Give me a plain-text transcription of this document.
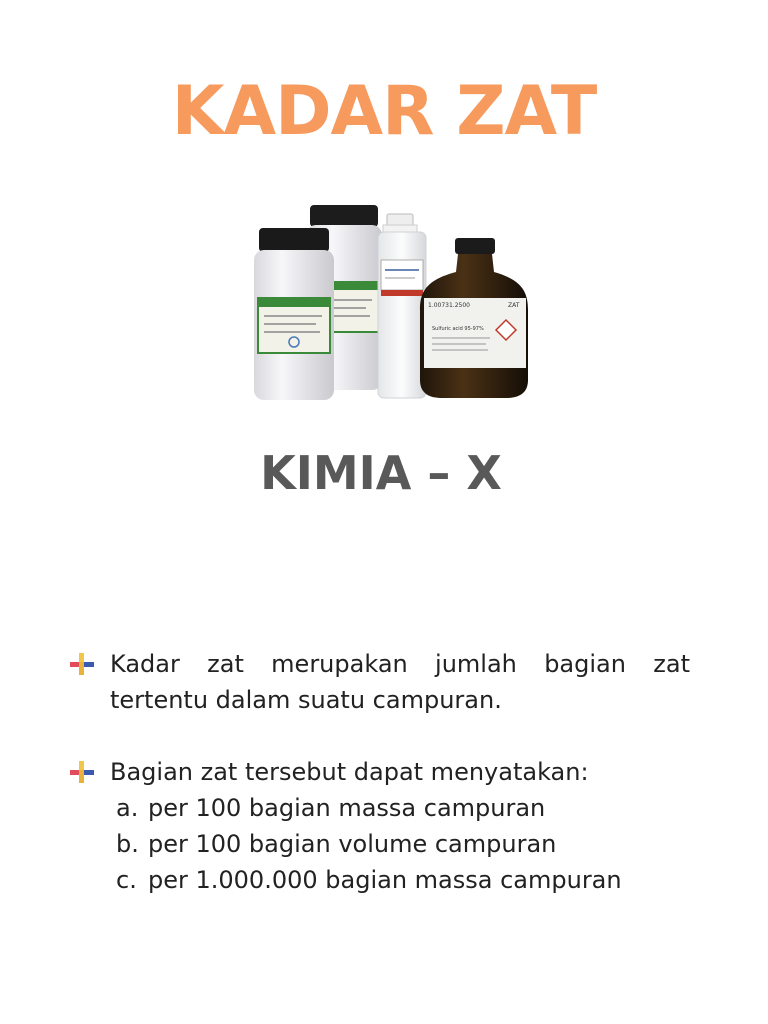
KADAR ZAT
1.00731.2500	ZAT
Sulfuric acid 95-97%
KIMIA – X
Kadar zat merupakan jumlah bagian zat
tertentu dalam suatu campuran.
Bagian zat tersebut dapat menyatakan:
a. per 100 bagian massa campuran
b. per 100 bagian volume campuran
c. per 1.000.000 bagian massa campuran
